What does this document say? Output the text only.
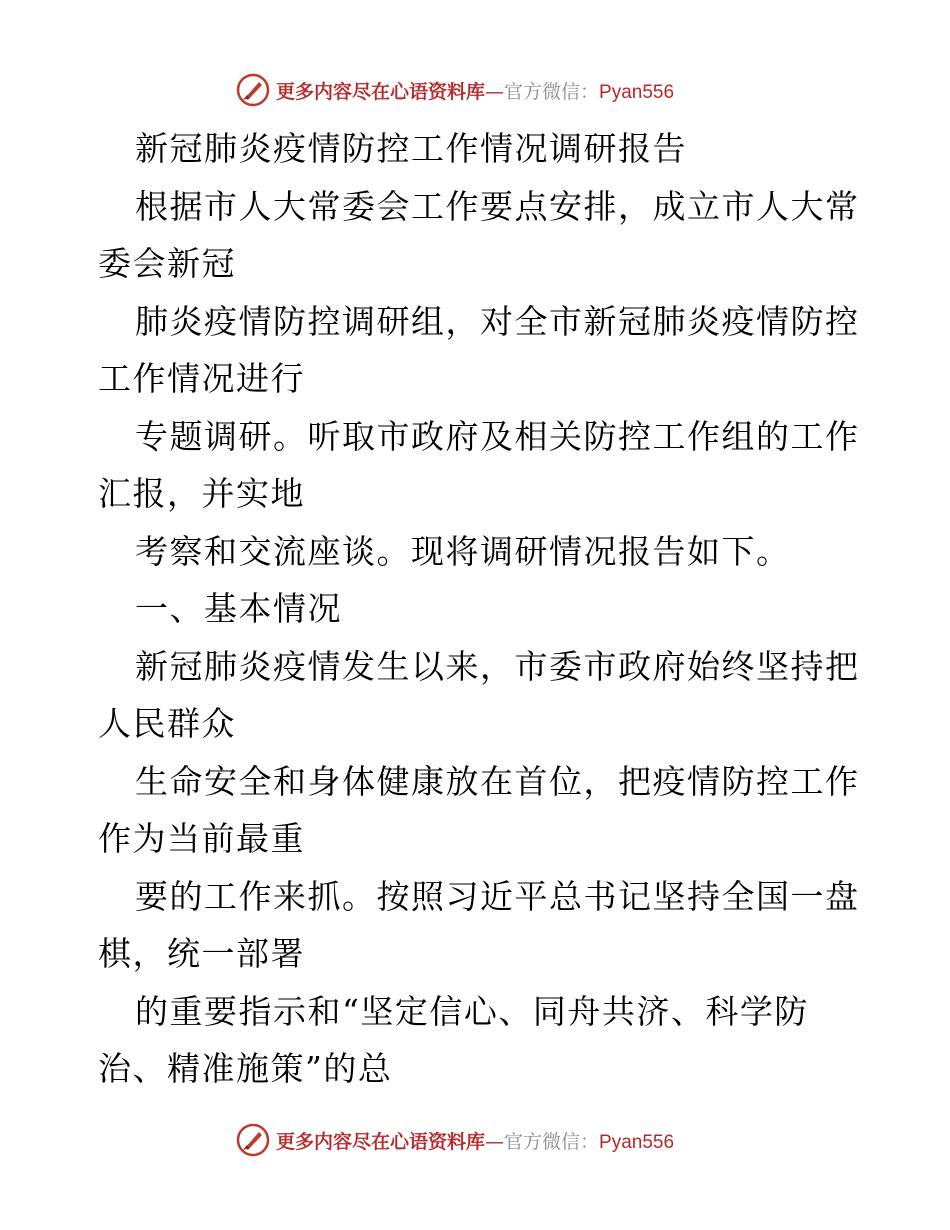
更多内容尽在心语资料库—官方微信：Pyan556
新冠肺炎疫情防控工作情况调研报告
根据市人大常委会工作要点安排，成立市人大常
委会新冠
肺炎疫情防控调研组，对全市新冠肺炎疫情防控
工作情况进行
专题调研。听取市政府及相关防控工作组的工作
汇报，并实地
考察和交流座谈。现将调研情况报告如下。
一、基本情况
新冠肺炎疫情发生以来，市委市政府始终坚持把
人民群众
生命安全和身体健康放在首位，把疫情防控工作
作为当前最重
要的工作来抓。按照习近平总书记坚持全国一盘
棋，统一部署
的重要指示和“坚定信心、同舟共济、科学防
治、精准施策”的总
更多内容尽在心语资料库—官方微信：Pyan556
